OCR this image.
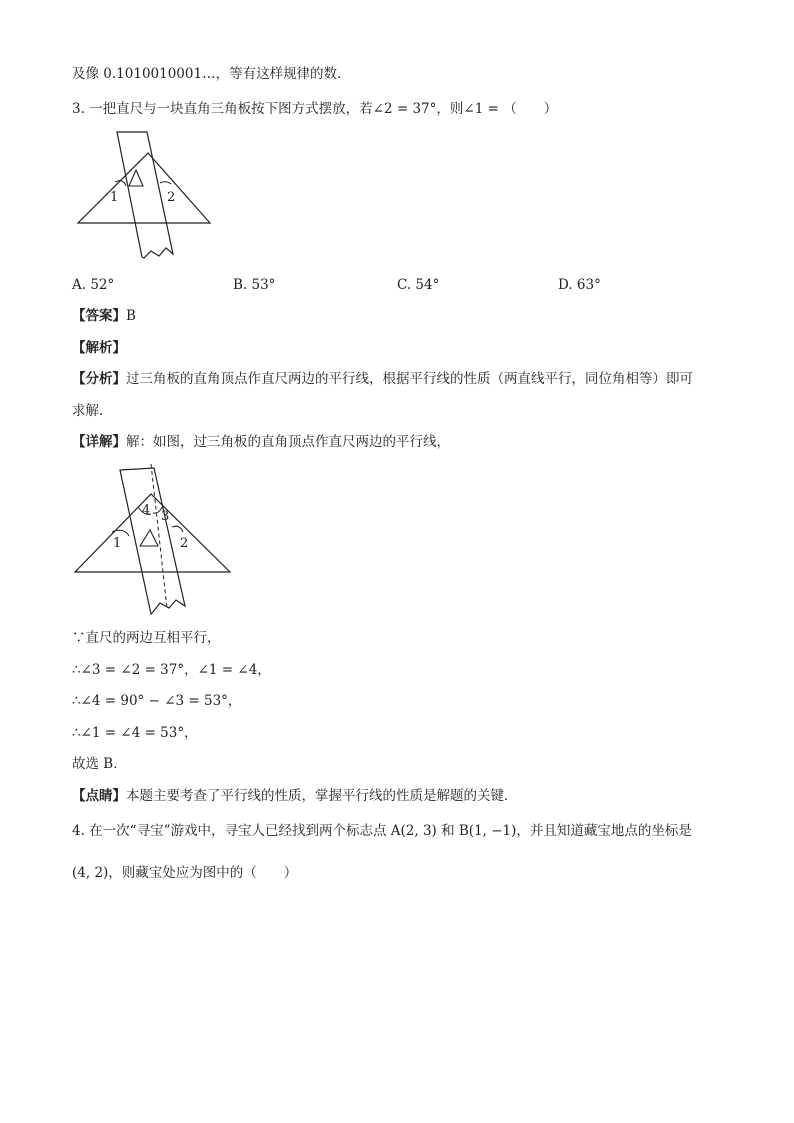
及像 0.1010010001…，等有这样规律的数．
3. 一把直尺与一块直角三角板按下图方式摆放，若∠2 = 37°，则∠1 = （　　）
1	2
A. 52°	B. 53°	C. 54°	D. 63°
【答案】B
【解析】
【分析】过三角板的直角顶点作直尺两边的平行线，根据平行线的性质（两直线平行，同位角相等）即可
求解．
【详解】解：如图，过三角板的直角顶点作直尺两边的平行线，
1	2
3
4
∵直尺的两边互相平行，
∴∠3 = ∠2 = 37°，∠1 = ∠4，
∴∠4 = 90° − ∠3 = 53°，
∴∠1 = ∠4 = 53°，
故选 B．
【点睛】本题主要考查了平行线的性质，掌握平行线的性质是解题的关键．
4. 在一次“寻宝”游戏中，寻宝人已经找到两个标志点 A(2, 3) 和 B(1, −1)，并且知道藏宝地点的坐标是
(4, 2)，则藏宝处应为图中的（　　）
